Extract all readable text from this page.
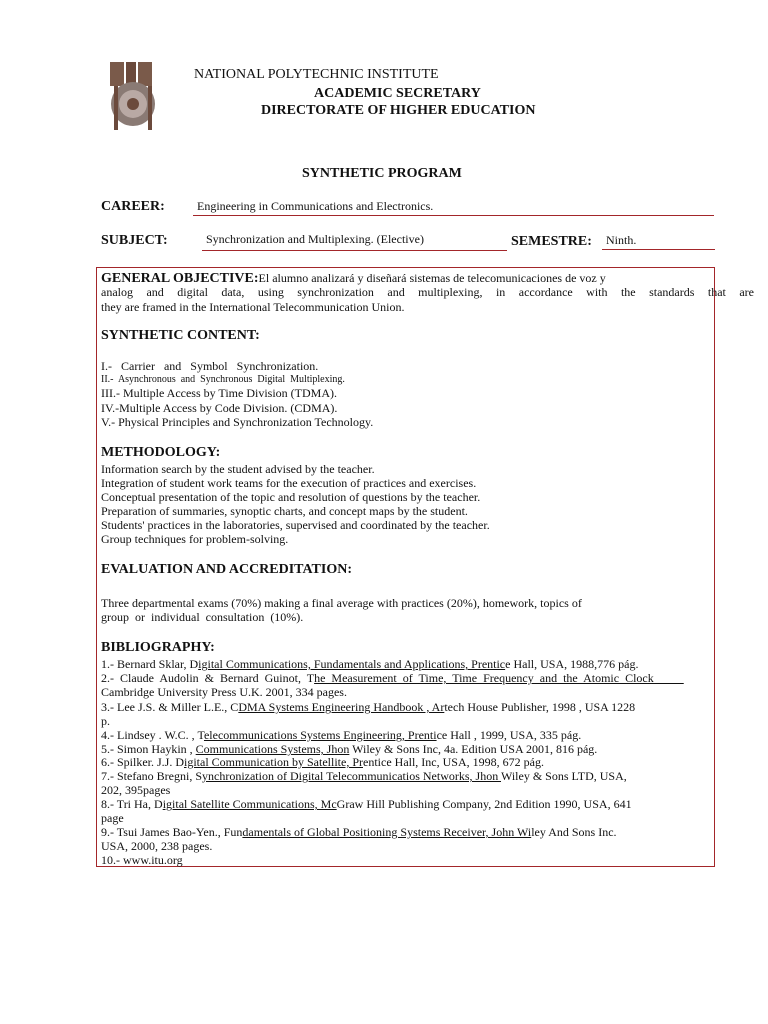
NATIONAL POLYTECHNIC INSTITUTE
ACADEMIC SECRETARY
DIRECTORATE OF HIGHER EDUCATION
SYNTHETIC PROGRAM
CAREER:	Engineering in Communications and Electronics.
SUBJECT:	Synchronization and Multiplexing. (Elective)	SEMESTRE:	Ninth.
GENERAL OBJECTIVE:El alumno analizará y diseñará sistemas de telecomunicaciones de voz y
analog and digital data, using synchronization and multiplexing, in accordance with the standards that are
they are framed in the International Telecommunication Union.
SYNTHETIC CONTENT:
I.-   Carrier   and   Symbol   Synchronization.
II.-  Asynchronous  and  Synchronous  Digital  Multiplexing.
III.- Multiple Access by Time Division (TDMA).
IV.-Multiple Access by Code Division. (CDMA).
V.- Physical Principles and Synchronization Technology.
METHODOLOGY:
Information search by the student advised by the teacher.
Integration of student work teams for the execution of practices and exercises.
Conceptual presentation of the topic and resolution of questions by the teacher.
Preparation of summaries, synoptic charts, and concept maps by the student.
Students' practices in the laboratories, supervised and coordinated by the teacher.
Group techniques for problem-solving.
EVALUATION AND ACCREDITATION:
Three departmental exams (70%) making a final average with practices (20%), homework, topics of
group  or  individual  consultation  (10%).
BIBLIOGRAPHY:
1.- Bernard Sklar, Digital Communications, Fundamentals and Applications, Prentice Hall, USA, 1988,776 pág.
2.-  Claude  Audolin  &  Bernard  Guinot,  The  Measurement  of  Time,  Time  Frequency  and  the  Atomic  Clock
Cambridge University Press U.K. 2001, 334 pages.
3.- Lee J.S. & Miller L.E., CDMA Systems Engineering Handbook , Artech House Publisher, 1998 , USA 1228
p.
4.- Lindsey . W.C. , Telecommunications Systems Engineering, Prentice Hall , 1999, USA, 335 pág.
5.- Simon Haykin , Communications Systems, Jhon Wiley & Sons Inc, 4a. Edition USA 2001, 816 pág.
6.- Spilker. J.J. Digital Communication by Satellite, Prentice Hall, Inc, USA, 1998, 672 pág.
7.- Stefano Bregni, Synchronization of Digital Telecommunicatios Networks, Jhon Wiley & Sons LTD, USA,
202, 395pages
8.- Tri Ha, Digital Satellite Communications, McGraw Hill Publishing Company, 2nd Edition 1990, USA, 641
page
9.- Tsui James Bao-Yen., Fundamentals of Global Positioning Systems Receiver, John Wiley And Sons Inc.
USA, 2000, 238 pages.
10.- www.itu.org
